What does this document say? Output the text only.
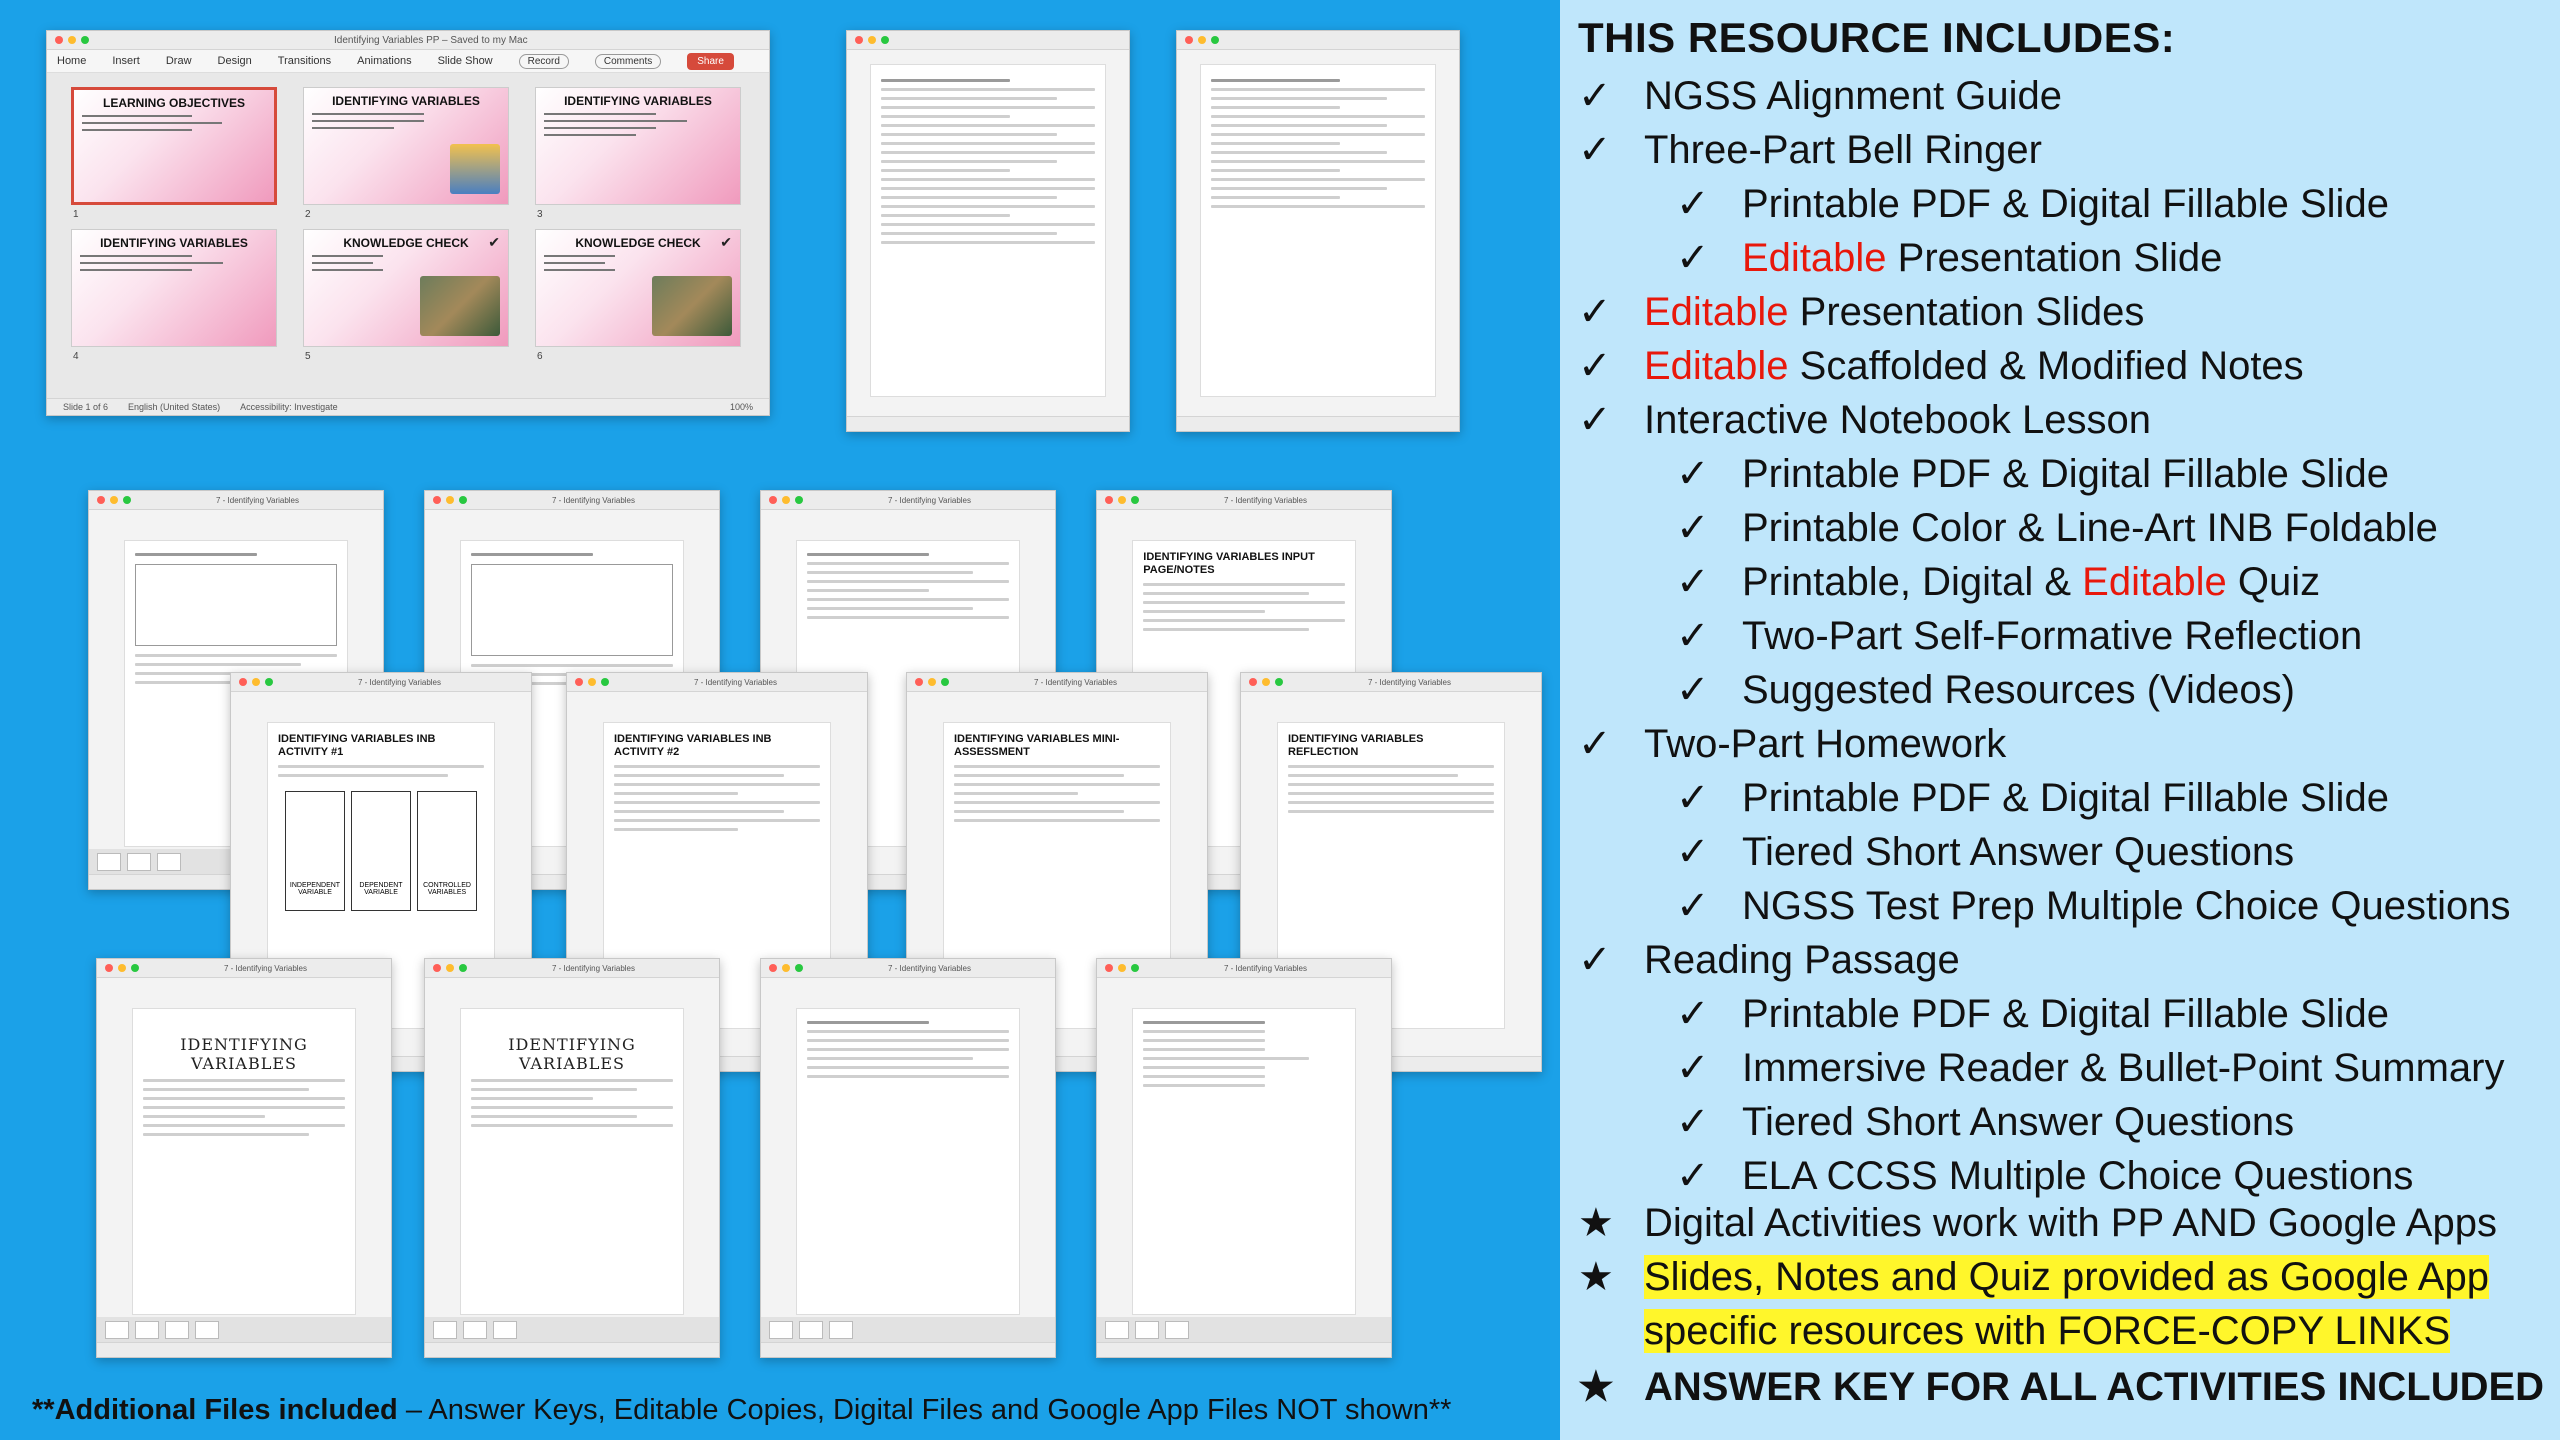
Identifying Variables PP – Saved to my Mac
Home Insert Draw Design Transitions Animations Slide Show	Record	Comments	Share
LEARNING OBJECTIVES
1
IDENTIFYING VARIABLES
2
IDENTIFYING VARIABLES
3
IDENTIFYING VARIABLES
4
KNOWLEDGE CHECK	✔
5
KNOWLEDGE CHECK	✔
6
Slide 1 of 6 English (United States) Accessibility: Investigate	100%
7 - Identifying Variables	7 - Identifying Variables	7 - Identifying Variables	7 - Identifying Variables
IDENTIFYING VARIABLES INPUT PAGE/NOTES
7 - Identifying Variables
IDENTIFYING VARIABLES INB ACTIVITY #1
INDEPENDENT VARIABLE
DEPENDENT VARIABLE
CONTROLLED VARIABLES
7 - Identifying Variables
IDENTIFYING VARIABLES INB ACTIVITY #2
7 - Identifying Variables
IDENTIFYING VARIABLES MINI-ASSESSMENT
7 - Identifying Variables
IDENTIFYING VARIABLES REFLECTION
7 - Identifying Variables
IDENTIFYING VARIABLES
7 - Identifying Variables
IDENTIFYING VARIABLES
7 - Identifying Variables	7 - Identifying Variables
**Additional Files included – Answer Keys, Editable Copies, Digital Files and Google App Files NOT shown**
THIS RESOURCE INCLUDES:
✓ NGSS Alignment Guide
✓ Three-Part Bell Ringer
✓ Printable PDF & Digital Fillable Slide
✓ Editable Presentation Slide
✓ Editable Presentation Slides
✓ Editable Scaffolded & Modified Notes
✓ Interactive Notebook Lesson
✓ Printable PDF & Digital Fillable Slide
✓ Printable Color & Line-Art INB Foldable
✓ Printable, Digital & Editable Quiz
✓ Two-Part Self-Formative Reflection
✓ Suggested Resources (Videos)
✓ Two-Part Homework
✓ Printable PDF & Digital Fillable Slide
✓ Tiered Short Answer Questions
✓ NGSS Test Prep Multiple Choice Questions
✓ Reading Passage
✓ Printable PDF & Digital Fillable Slide
✓ Immersive Reader & Bullet-Point Summary
✓ Tiered Short Answer Questions
✓ ELA CCSS Multiple Choice Questions
★ Digital Activities work with PP AND Google Apps
★ Slides, Notes and Quiz provided as Google App
specific resources with FORCE-COPY LINKS
★ ANSWER KEY FOR ALL ACTIVITIES INCLUDED
